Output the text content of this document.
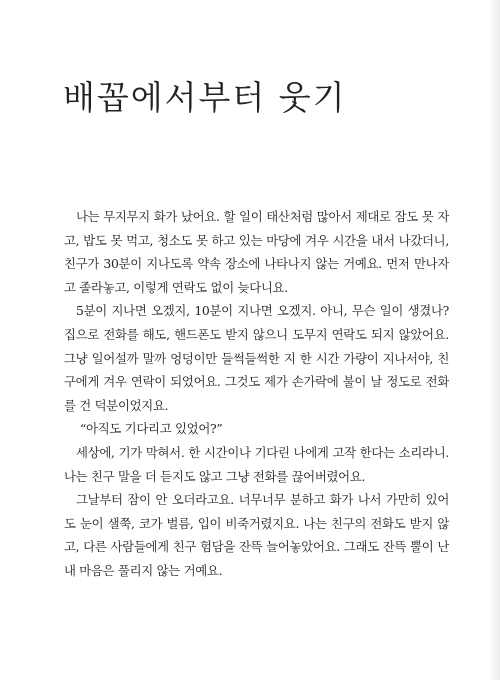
배꼽에서부터 웃기

나는 무지무지 화가 났어요. 할 일이 태산처럼 많아서 제대로 잠도 못 자고, 밥도 못 먹고, 청소도 못 하고 있는 마당에 겨우 시간을 내서 나갔더니, 친구가 30분이 지나도록 약속 장소에 나타나지 않는 거예요. 먼저 만나자고 졸라놓고, 이렇게 연락도 없이 늦다니요.

5분이 지나면 오겠지, 10분이 지나면 오겠지. 아니, 무슨 일이 생겼나? 집으로 전화를 해도, 핸드폰도 받지 않으니 도무지 연락도 되지 않았어요. 그냥 일어설까 말까 엉덩이만 들썩들썩한 지 한 시간 가량이 지나서야, 친구에게 겨우 연락이 되었어요. 그것도 제가 손가락에 불이 날 정도로 전화를 건 덕분이었지요.

“아직도 기다리고 있었어?”

세상에, 기가 막혀서. 한 시간이나 기다린 나에게 고작 한다는 소리라니. 나는 친구 말을 더 듣지도 않고 그냥 전화를 끊어버렸어요.

그날부터 잠이 안 오더라고요. 너무너무 분하고 화가 나서 가만히 있어도 눈이 샐쭉, 코가 벌름, 입이 비죽거렸지요. 나는 친구의 전화도 받지 않고, 다른 사람들에게 친구 험담을 잔뜩 늘어놓았어요. 그래도 잔뜩 뿔이 난 내 마음은 풀리지 않는 거예요.
